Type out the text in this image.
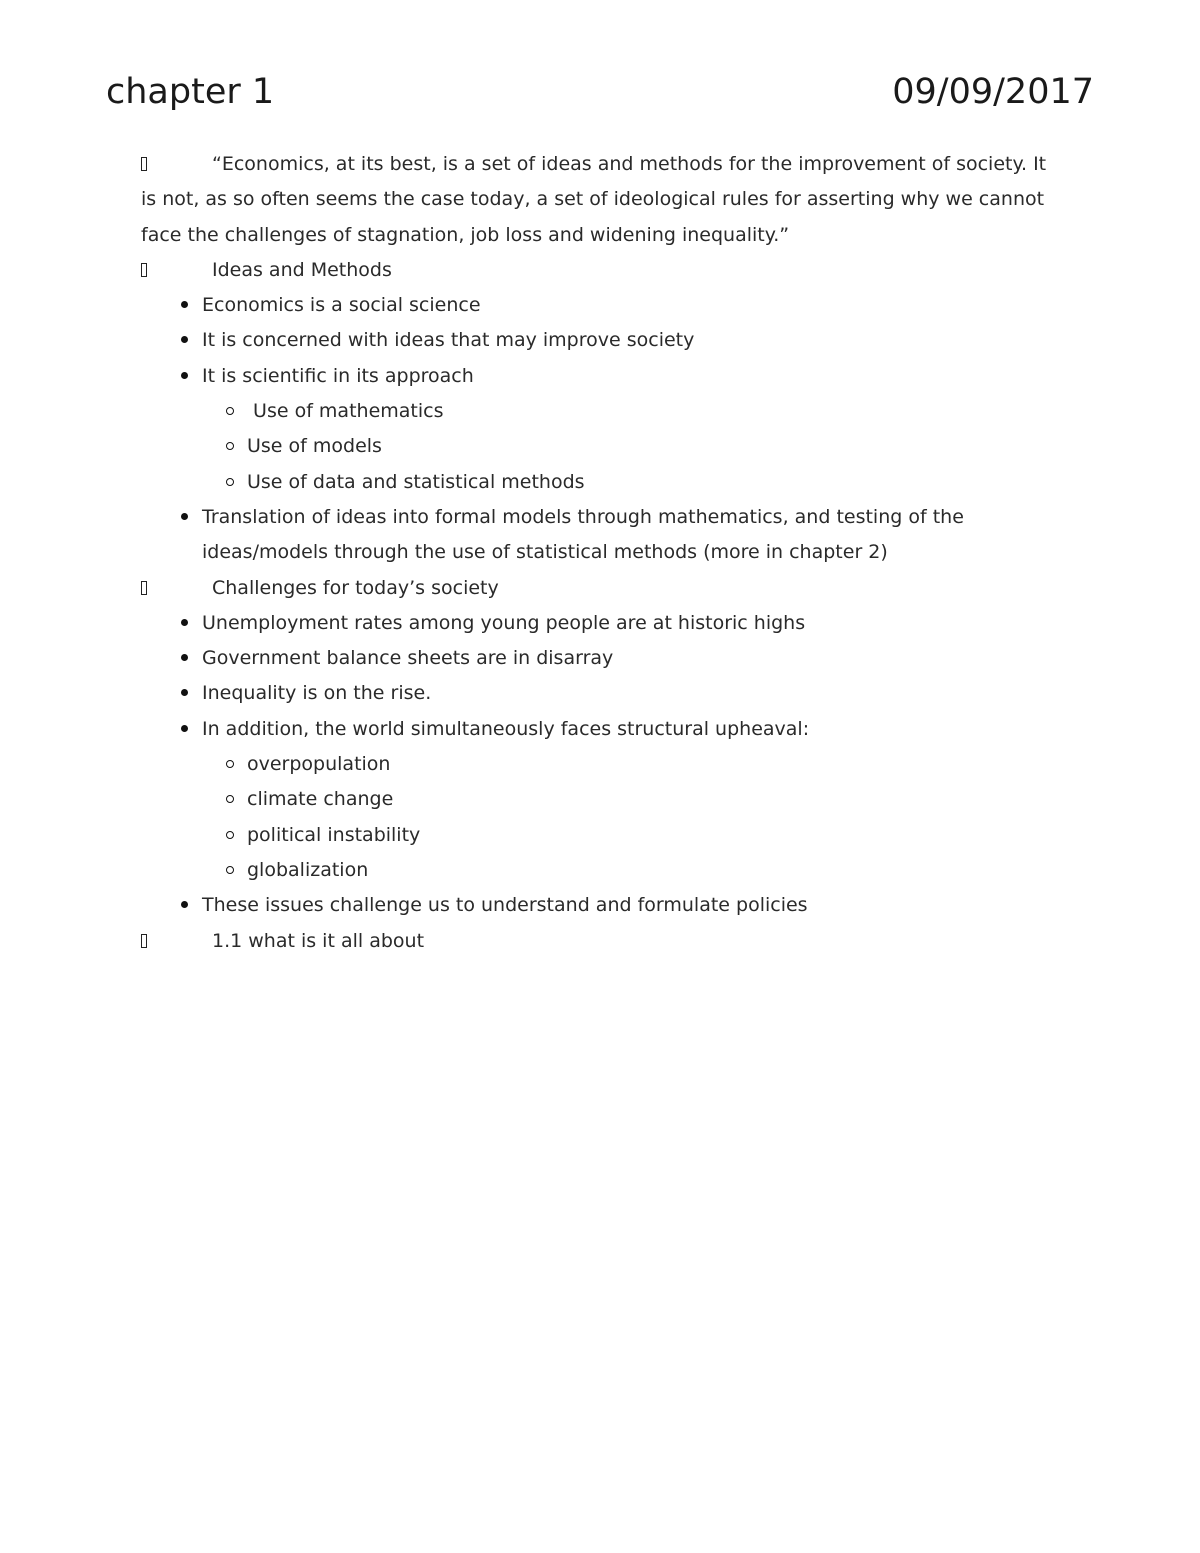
chapter 1	09/09/2017
“Economics, at its best, is a set of ideas and methods for the improvement of society. It is not, as so often seems the case today, a set of ideological rules for asserting why we cannot face the challenges of stagnation, job loss and widening inequality.”
Ideas and Methods
Economics is a social science
It is concerned with ideas that may improve society
It is scientific in its approach
Use of mathematics
Use of models
Use of data and statistical methods
Translation of ideas into formal models through mathematics, and testing of the ideas/models through the use of statistical methods (more in chapter 2)
Challenges for today’s society
Unemployment rates among young people are at historic highs
Government balance sheets are in disarray
Inequality is on the rise.
In addition, the world simultaneously faces structural upheaval:
overpopulation
climate change
political instability
globalization
These issues challenge us to understand and formulate policies
1.1 what is it all about
